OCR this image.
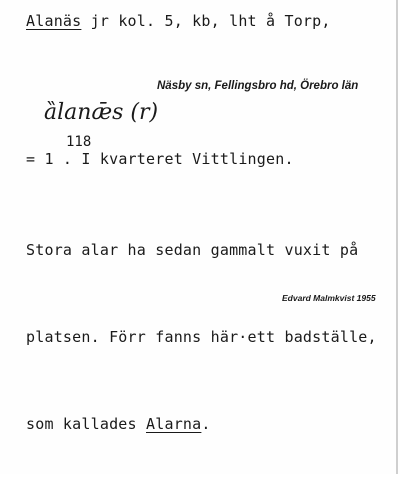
Alanäs jr kol. 5, kb, lht å Torp,
Näsby sn, Fellingsbro hd, Örebro län
ȁlanǣs (r)
118
= 1 . I kvarteret Vittlingen.

Stora alar ha sedan gammalt vuxit på

platsen. Förr fanns här·ett badställe,

som kallades Alarna.

Edvard Malmkvist 1955
